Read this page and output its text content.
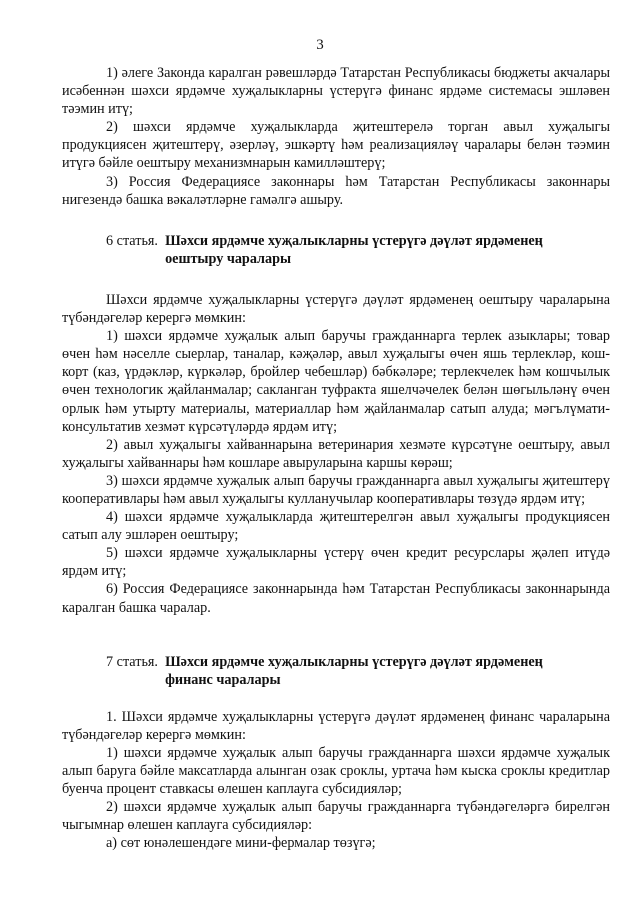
3

1) әлеге Законда каралган рәвешләрдә Татарстан Республикасы бюджеты акчалары исәбеннән шәхси ярдәмче хуҗалыкларны үстерүгә финанс ярдәме системасы эшләвен тәэмин итү;

2) шәхси ярдәмче хуҗалыкларда җитештерелә торган авыл хуҗалыгы продукциясен җитештерү, әзерләү, эшкәртү һәм реализацияләү чаралары белән тәэмин итүгә бәйле оештыру механизмнарын камилләштерү;

3) Россия Федерациясе законнары һәм Татарстан Республикасы законнары нигезендә башка вәкаләтләрне гамәлгә ашыру.

6 статья. Шәхси ярдәмче хуҗалыкларны үстерүгә дәүләт ярдәменең
оештыру чаралары

Шәхси ярдәмче хуҗалыкларны үстерүгә дәүләт ярдәменең оештыру чараларына түбәндәгеләр керергә мөмкин:

1) шәхси ярдәмче хуҗалык алып баручы гражданнарга терлек азыклары; товар өчен һәм нәселле сыерлар, таналар, кәҗәләр, авыл хуҗалыгы өчен яшь терлекләр, кош-корт (каз, үрдәкләр, күркәләр, бройлер чебешләр) бәбкәләре; терлекчелек һәм кошчылык өчен технологик җайланмалар; сакланган туфракта яшелчәчелек белән шөгыльләнү өчен орлык һәм утырту материалы, материаллар һәм җайланмалар сатып алуда; мәгълүмати-консультатив хезмәт күрсәтүләрдә ярдәм итү;

2) авыл хуҗалыгы хайваннарына ветеринария хезмәте күрсәтүне оештыру, авыл хуҗалыгы хайваннары һәм кошларе авыруларына каршы көрәш;

3) шәхси ярдәмче хуҗалык алып баручы гражданнарга авыл хуҗалыгы җитештерү кооперативлары һәм авыл хуҗалыгы кулланучылар кооперативлары төзүдә ярдәм итү;

4) шәхси ярдәмче хуҗалыкларда җитештерелгән авыл хуҗалыгы продукциясен сатып алу эшләрен оештыру;

5) шәхси ярдәмче хуҗалыкларны үстерү өчен кредит ресурслары җәлеп итүдә ярдәм итү;

6) Россия Федерациясе законнарында һәм Татарстан Республикасы законнарында каралган башка чаралар.

7 статья. Шәхси ярдәмче хуҗалыкларны үстерүгә дәүләт ярдәменең
финанс чаралары

1. Шәхси ярдәмче хуҗалыкларны үстерүгә дәүләт ярдәменең финанс чараларына түбәндәгеләр керергә мөмкин:

1) шәхси ярдәмче хуҗалык алып баручы гражданнарга шәхси ярдәмче хуҗалык алып баруга бәйле максатларда алынган озак сроклы, уртача һәм кыска сроклы кредитлар буенча процент ставкасы өлешен каплауга субсидияләр;

2) шәхси ярдәмче хуҗалык алып баручы гражданнарга түбәндәгеләргә бирелгән чыгымнар өлешен каплауга субсидияләр:

а) сөт юнәлешендәге мини-фермалар төзүгә;
